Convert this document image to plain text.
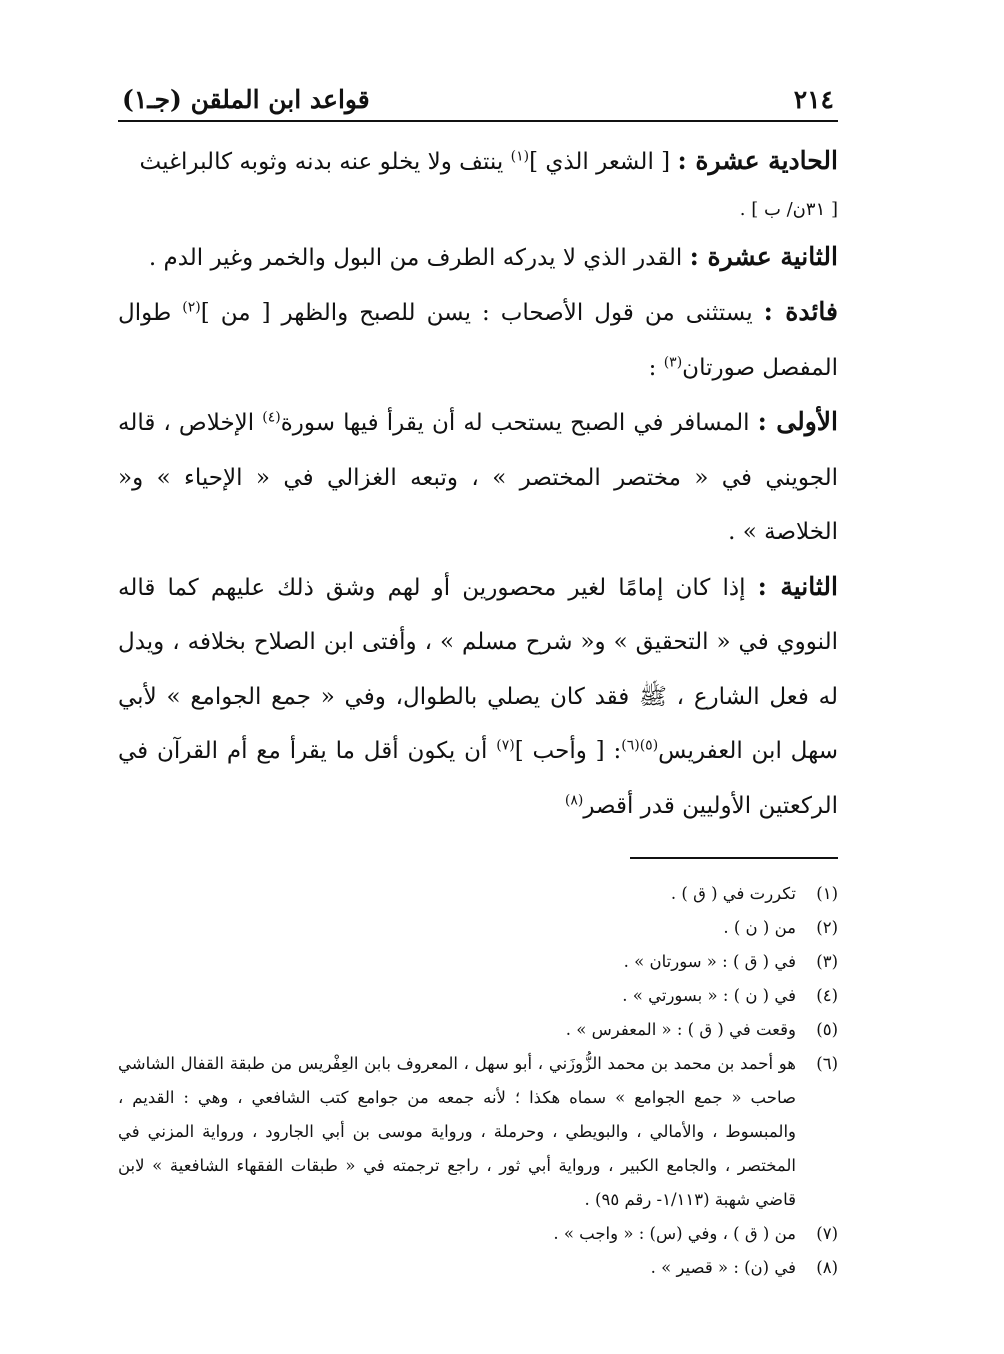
٢١٤
قواعد ابن الملقن (جـ١)

الحادية عشرة : [ الشعر الذي ]$^{(١)}$ ينتف ولا يخلو عنه بدنه وثوبه كالبراغيث

[ ٣١ن/ ب ] .

الثانية عشرة : القدر الذي لا يدركه الطرف من البول والخمر وغير الدم .

فائدة : يستثنى من قول الأصحاب : يسن للصبح والظهر [ من ]$^{(٢)}$ طوال المفصل صورتان$^{(٣)}$ :

الأولى : المسافر في الصبح يستحب له أن يقرأ فيها سورة$^{(٤)}$ الإخلاص ، قاله الجويني في « مختصر المختصر » ، وتبعه الغزالي في « الإحياء » و« الخلاصة » .

الثانية : إذا كان إمامًا لغير محصورين أو لهم وشق ذلك عليهم كما قاله النووي في « التحقيق » و« شرح مسلم » ، وأفتى ابن الصلاح بخلافه ، ويدل له فعل الشارع ، ﷺ فقد كان يصلي بالطوال، وفي « جمع الجوامع » لأبي سهل ابن العفريس$^{(٥)(٦)}$: [ وأحب ]$^{(٧)}$ أن يكون أقل ما يقرأ مع أم القرآن في الركعتين الأوليين قدر أقصر$^{(٨)}$

(١)
تكررت في ( ق ) .
(٢)
من ( ن ) .
(٣)
في ( ق ) : « سورتان » .
(٤)
في ( ن ) : « بسورتي » .
(٥)
وقعت في ( ق ) : « المعفرس » .
(٦)
هو أحمد بن محمد بن محمد الزُّوزَني ، أبو سهل ، المعروف بابن العِفْريس من طبقة القفال الشاشي صاحب « جمع الجوامع » سماه هكذا ؛ لأنه جمعه من جوامع كتب الشافعي ، وهي : القديم ، والمبسوط ، والأمالي ، والبويطي ، وحرملة ، ورواية موسى بن أبي الجارود ، ورواية المزني في المختصر ، والجامع الكبير ، ورواية أبي ثور ، راجع ترجمته في « طبقات الفقهاء الشافعية » لابن قاضي شهبة (١/١١٣- رقم ٩٥) .
(٧)
من ( ق ) ، وفي (س) : « واجب » .
(٨)
في (ن) : « قصير » .
